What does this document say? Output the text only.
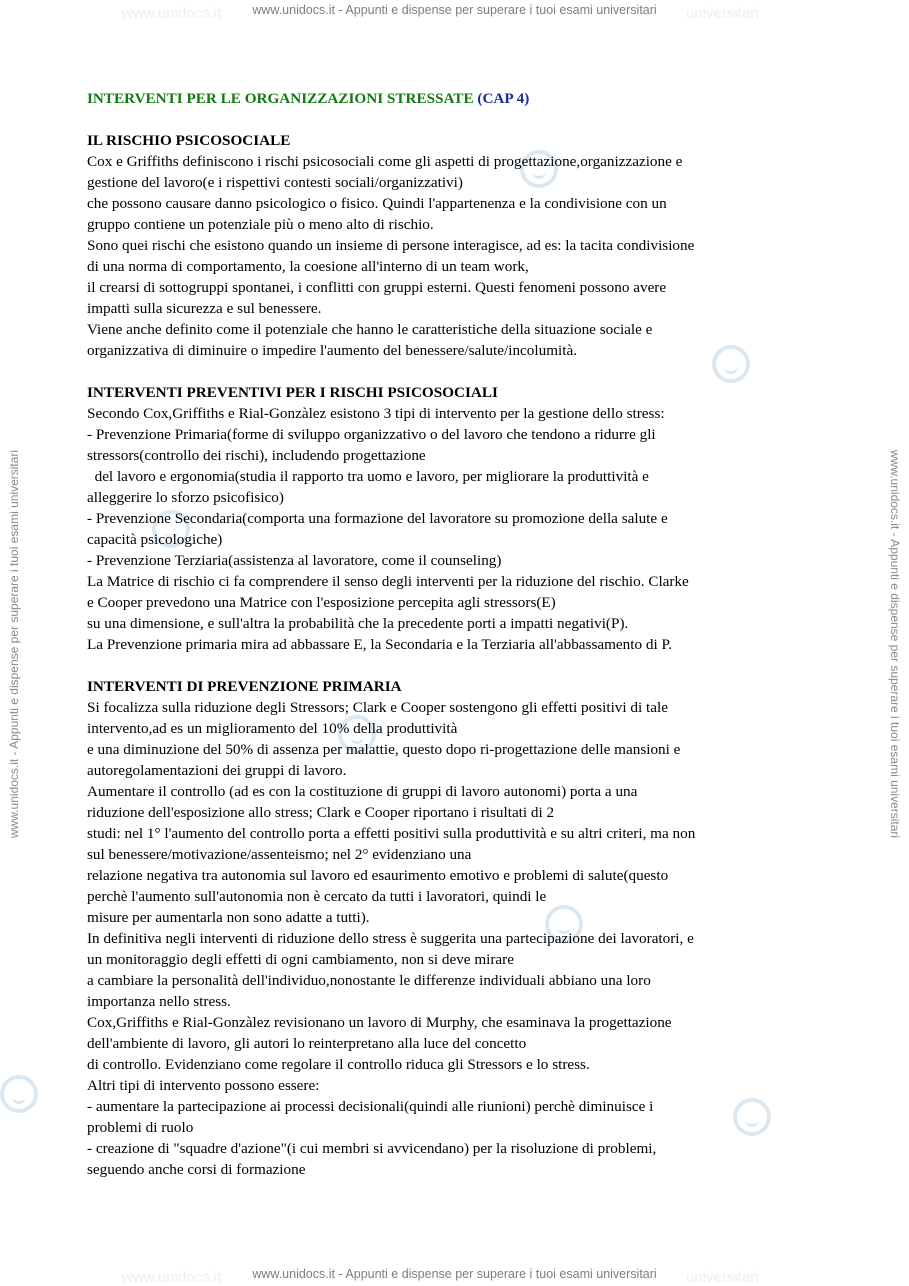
www.unidocs.it	universitari
www.unidocs.it	universitari
www.unidocs.it - Appunti e dispense per superare i tuoi esami universitari
www.unidocs.it - Appunti e dispense per superare i tuoi esami universitari
www.unidocs.it - Appunti e dispense per superare i tuoi esami universitari	www.unidocs.it - Appunti e dispense per superare i tuoi esami universitari

INTERVENTI PER LE ORGANIZZAZIONI STRESSATE (CAP 4)

IL RISCHIO PSICOSOCIALE

Cox e Griffiths definiscono i rischi psicosociali come gli aspetti di progettazione,organizzazione e

gestione del lavoro(e i rispettivi contesti sociali/organizzativi)

che possono causare danno psicologico o fisico. Quindi l'appartenenza e la condivisione con un

gruppo contiene un potenziale più o meno alto di rischio.

Sono quei rischi che esistono quando un insieme di persone interagisce, ad es: la tacita condivisione

di una norma di comportamento, la coesione all'interno di un team work,

il crearsi di sottogruppi spontanei, i conflitti con gruppi esterni. Questi fenomeni possono avere

impatti sulla sicurezza e sul benessere.

Viene anche definito come il potenziale che hanno le caratteristiche della situazione sociale e

organizzativa di diminuire o impedire l'aumento del benessere/salute/incolumità.

INTERVENTI PREVENTIVI PER I RISCHI PSICOSOCIALI

Secondo Cox,Griffiths e Rial-Gonzàlez esistono 3 tipi di intervento per la gestione dello stress:

- Prevenzione Primaria(forme di sviluppo organizzativo o del lavoro che tendono a ridurre gli

stressors(controllo dei rischi), includendo progettazione

del lavoro e ergonomia(studia il rapporto tra uomo e lavoro, per migliorare la produttività e

alleggerire lo sforzo psicofisico)

- Prevenzione Secondaria(comporta una formazione del lavoratore su promozione della salute e

capacità psicologiche)

- Prevenzione Terziaria(assistenza al lavoratore, come il counseling)

La Matrice di rischio ci fa comprendere il senso degli interventi per la riduzione del rischio. Clarke

e Cooper prevedono una Matrice con l'esposizione percepita agli stressors(E)

su una dimensione, e sull'altra la probabilità che la precedente porti a impatti negativi(P).

La Prevenzione primaria mira ad abbassare E, la Secondaria e la Terziaria all'abbassamento di P.

INTERVENTI DI PREVENZIONE PRIMARIA

Si focalizza sulla riduzione degli Stressors; Clark e Cooper sostengono gli effetti positivi di tale

intervento,ad es un miglioramento del 10% della produttività

e una diminuzione del 50% di assenza per malattie, questo dopo ri-progettazione delle mansioni e

autoregolamentazioni dei gruppi di lavoro.

Aumentare il controllo (ad es con la costituzione di gruppi di lavoro autonomi) porta a una

riduzione dell'esposizione allo stress; Clark e Cooper riportano i risultati di 2

studi: nel 1° l'aumento del controllo porta a effetti positivi sulla produttività e su altri criteri, ma non

sul benessere/motivazione/assenteismo; nel 2° evidenziano una

relazione negativa tra autonomia sul lavoro ed esaurimento emotivo e problemi di salute(questo

perchè l'aumento sull'autonomia non è cercato da tutti i lavoratori, quindi le

misure per aumentarla non sono adatte a tutti).

In definitiva negli interventi di riduzione dello stress è suggerita una partecipazione dei lavoratori, e

un monitoraggio degli effetti di ogni cambiamento, non si deve mirare

a cambiare la personalità dell'individuo,nonostante le differenze individuali abbiano una loro

importanza nello stress.

Cox,Griffiths e Rial-Gonzàlez revisionano un lavoro di Murphy, che esaminava la progettazione

dell'ambiente di lavoro, gli autori lo reinterpretano alla luce del concetto

di controllo. Evidenziano come regolare il controllo riduca gli Stressors e lo stress.

Altri tipi di intervento possono essere:

- aumentare la partecipazione ai processi decisionali(quindi alle riunioni) perchè diminuisce i

problemi di ruolo

- creazione di "squadre d'azione"(i cui membri si avvicendano) per la risoluzione di problemi,

seguendo anche corsi di formazione
